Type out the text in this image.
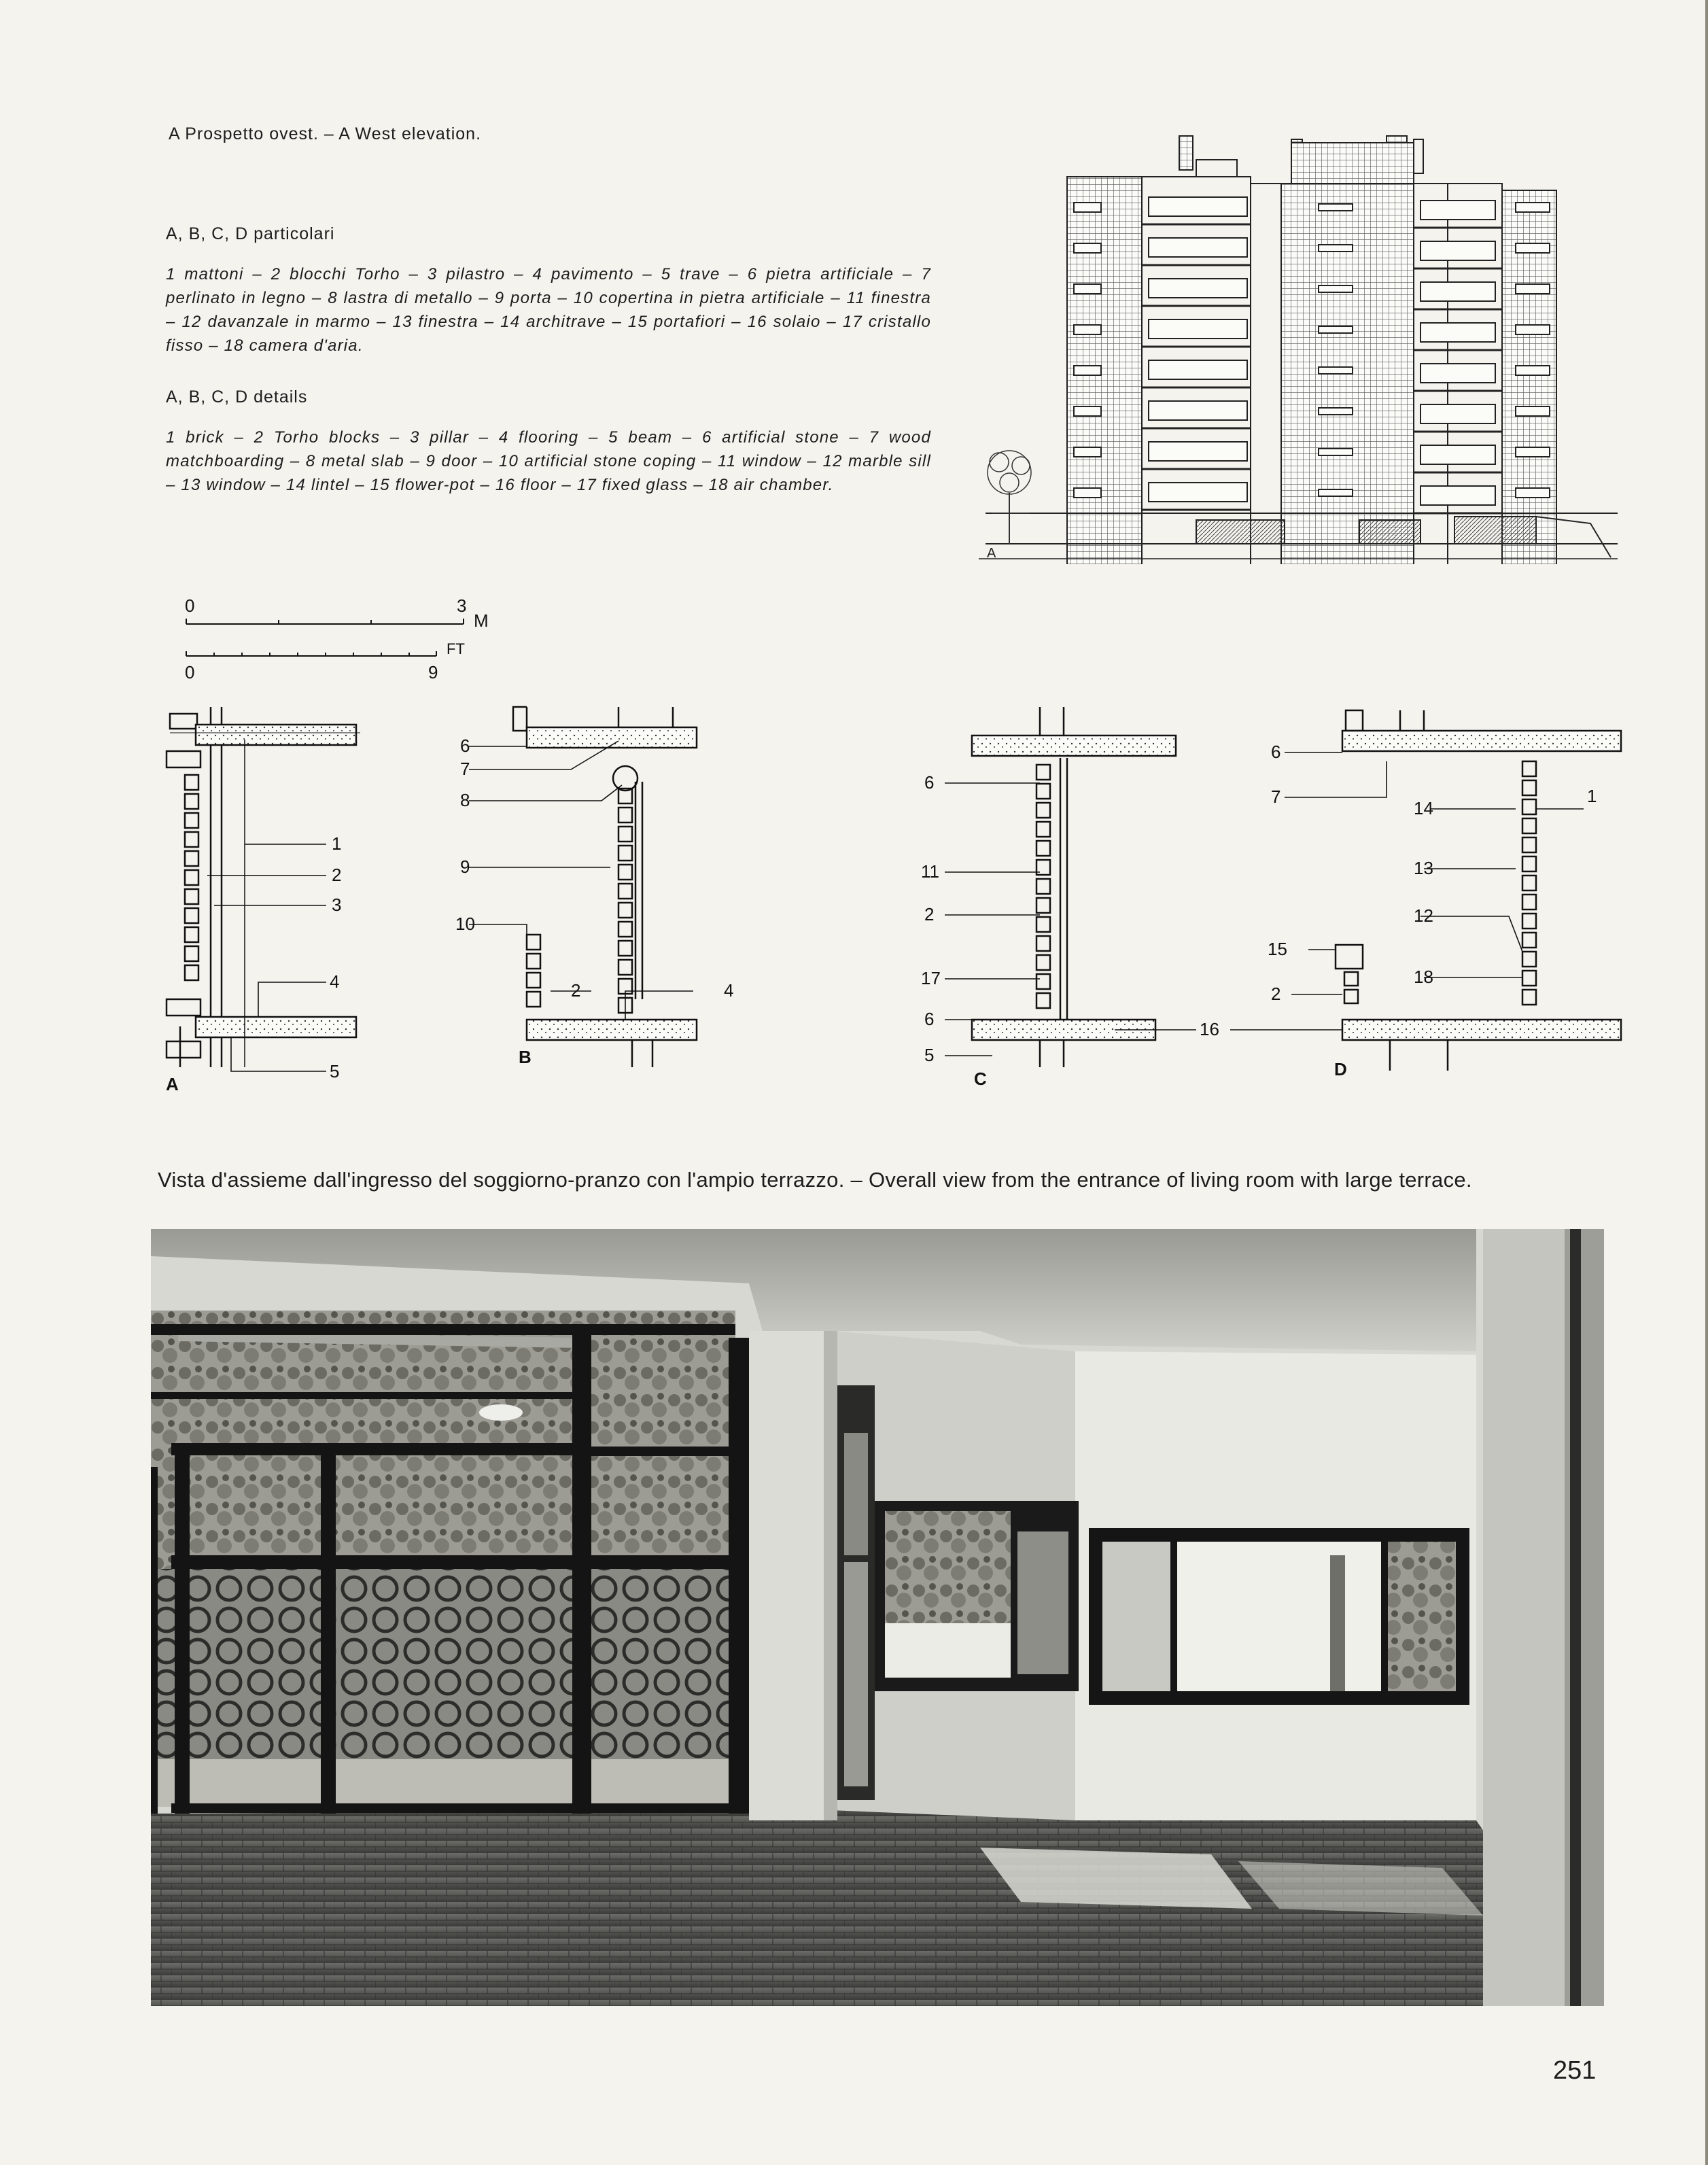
A Prospetto ovest. – A West elevation.
A, B, C, D particolari
1 mattoni – 2 blocchi Torho – 3 pilastro – 4 pavimento – 5 trave – 6 pietra artificiale – 7 perlinato in legno – 8 lastra di metallo – 9 porta – 10 copertina in pietra artificiale – 11 finestra – 12 davanzale in marmo – 13 finestra – 14 architrave – 15 portafiori – 16 solaio – 17 cristallo fisso – 18 camera d'aria.
A, B, C, D details
1 brick – 2 Torho blocks – 3 pillar – 4 flooring – 5 beam – 6 artificial stone – 7 wood matchboarding – 8 metal slab – 9 door – 10 artificial stone coping – 11 window – 12 marble sill – 13 window – 14 lintel – 15 flower-pot – 16 floor – 17 fixed glass – 18 air chamber.
A
0	3
M
FT
0	9
1
2
3
4
5
A
6
7
8
9
10
2	4
B
6
11
2
17
6
5
16
C
6
7
14
1
13
12
15
18
2
D
Vista d'assieme dall'ingresso del soggiorno-pranzo con l'ampio terrazzo. – Overall view from the entrance of living room with large terrace.
251
